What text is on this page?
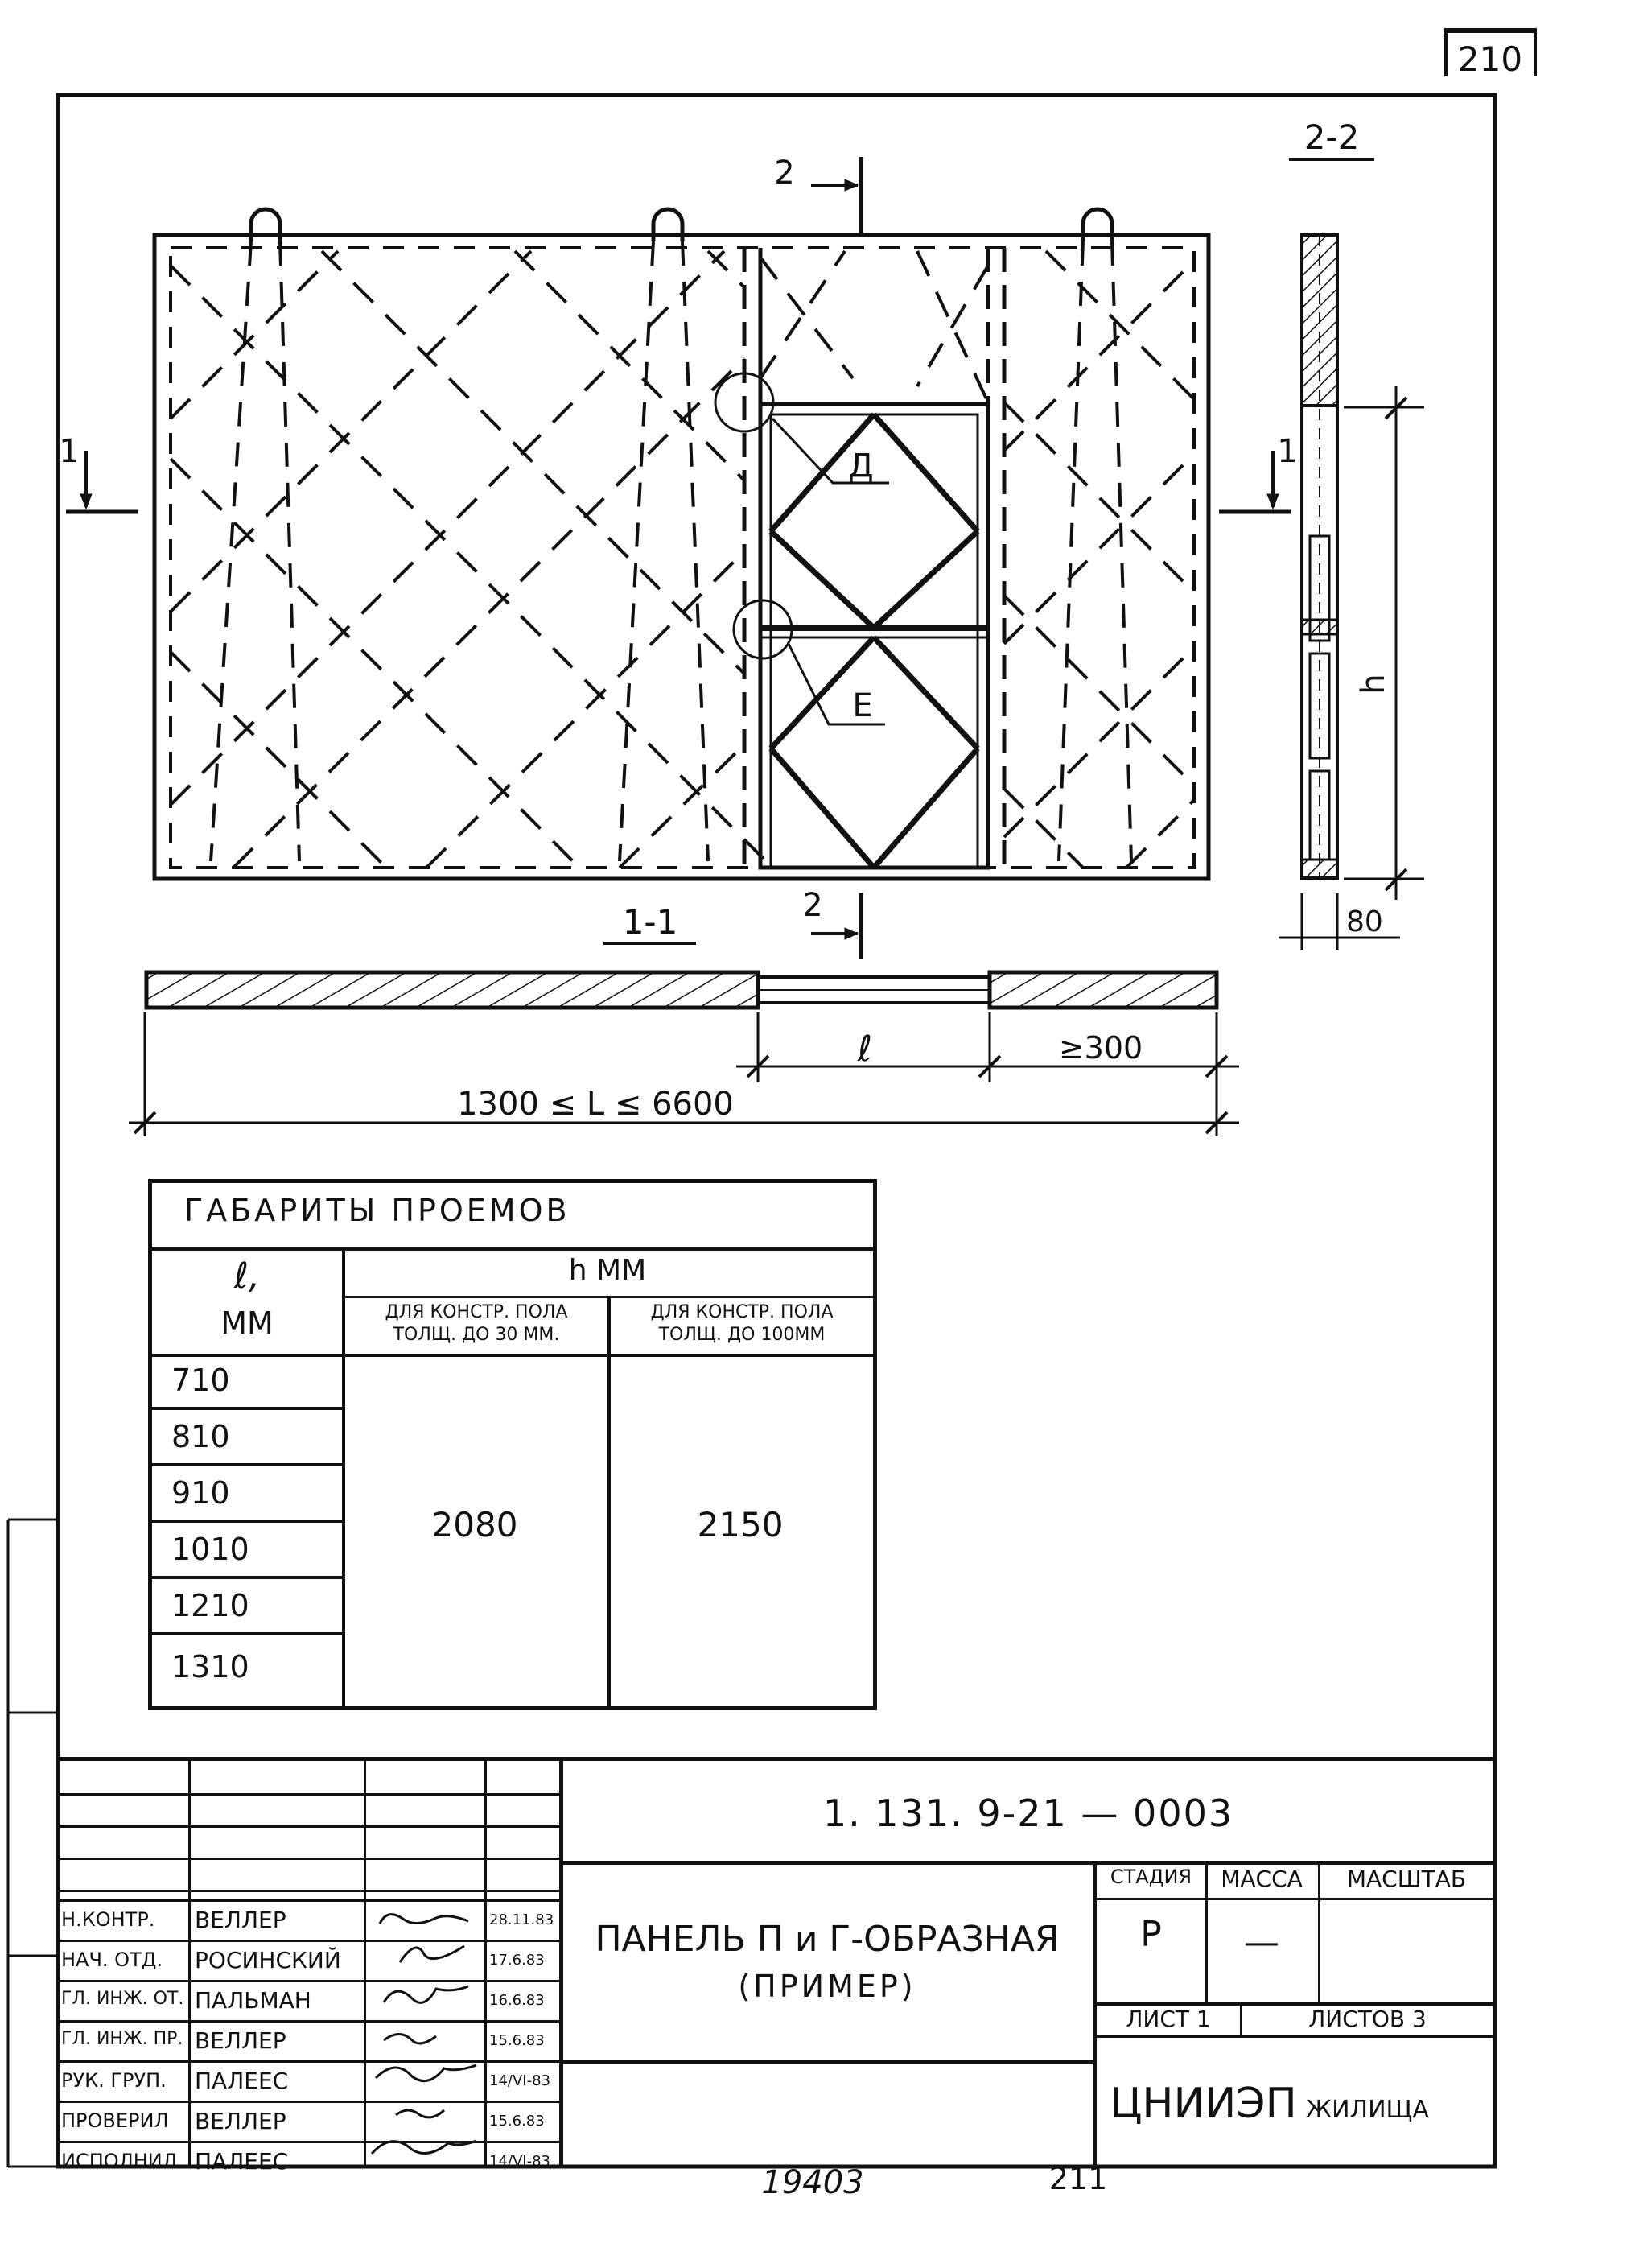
210
Д
Е
2
2
1	1
2-2
h
80
1-1
ℓ	≥300
1300 ≤ L ≤ 6600
19403	211
ГАБАРИТЫ ПРОЕМОВ
h ММ
ДЛЯ КОНСТР. ПОЛА
ТОЛЩ. ДО 30 ММ.
ДЛЯ КОНСТР. ПОЛА
ТОЛЩ. ДО 100ММ
ℓ,
ММ
710
810
910
1010
1210
1310
2080	2150
Н.КОНТР. ВЕЛЛЕР	28.11.83
НАЧ. ОТД. РОСИНСКИЙ	17.6.83
ГЛ. ИНЖ. ОТ. ПАЛЬМАН	16.6.83
ГЛ. ИНЖ. ПР. ВЕЛЛЕР	15.6.83
РУК. ГРУП. ПАЛЕЕС	14/VI-83
ПРОВЕРИЛ ВЕЛЛЕР	15.6.83
ИСПОЛНИЛ ПАЛЕЕС	14/VI-83
1. 131. 9-21 — 0003
ПАНЕЛЬ П и Г-ОБРАЗНАЯ
(ПРИМЕР)
СТАДИЯ	МАССА	МАСШТАБ
Р	—
ЛИСТ 1	ЛИСТОВ 3
ЦНИИЭП ЖИЛИЩА
